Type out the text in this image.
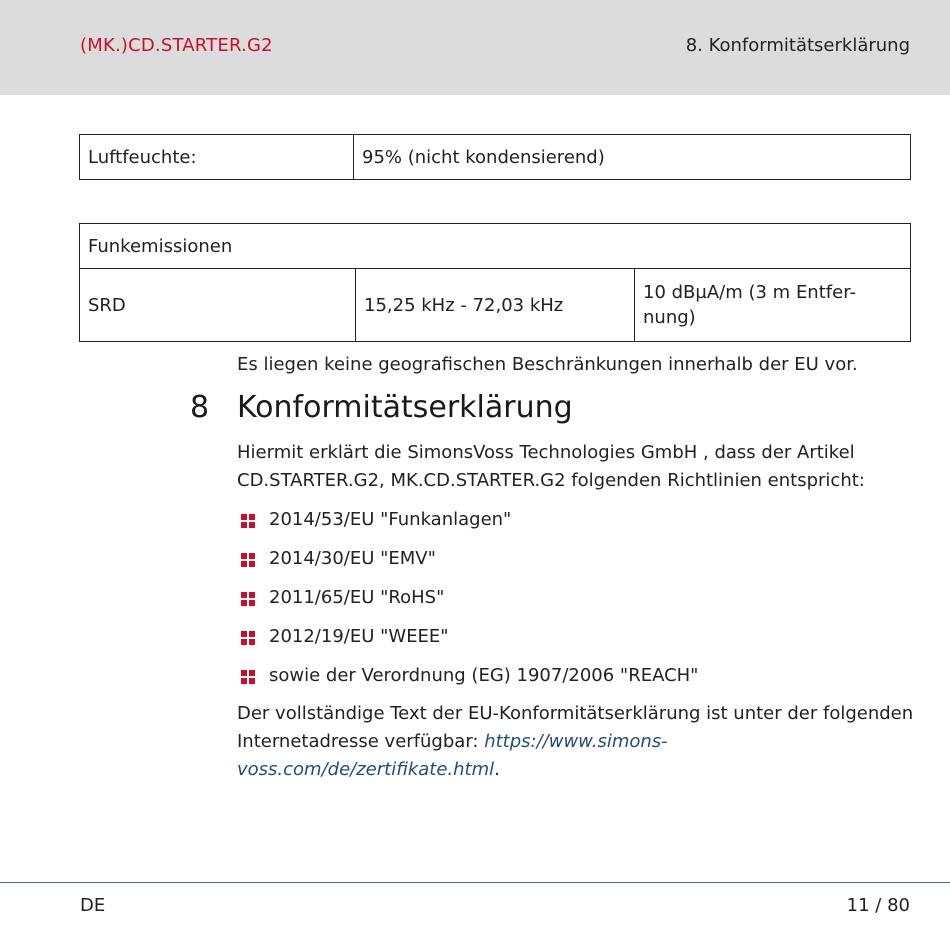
(MK.)CD.STARTER.G2	8. Konformitätserklärung
Luftfeuchte:	95% (nicht kondensierend)
Funkemissionen
SRD	15,25 kHz - 72,03 kHz	10 dBµA/m (3 m Entfer-nung)
Es liegen keine geografischen Beschränkungen innerhalb der EU vor.
8 Konformitätserklärung
Hiermit erklärt die SimonsVoss Technologies GmbH , dass der Artikel CD.STARTER.G2, MK.CD.STARTER.G2 folgenden Richtlinien entspricht:
2014/53/EU "Funkanlagen"
2014/30/EU "EMV"
2011/65/EU "RoHS"
2012/19/EU "WEEE"
sowie der Verordnung (EG) 1907/2006 "REACH"
Der vollständige Text der EU-Konformitätserklärung ist unter der folgenden Internetadresse verfügbar: https://www.simons-voss.com/de/zertifikate.html.
DE	11 / 80
